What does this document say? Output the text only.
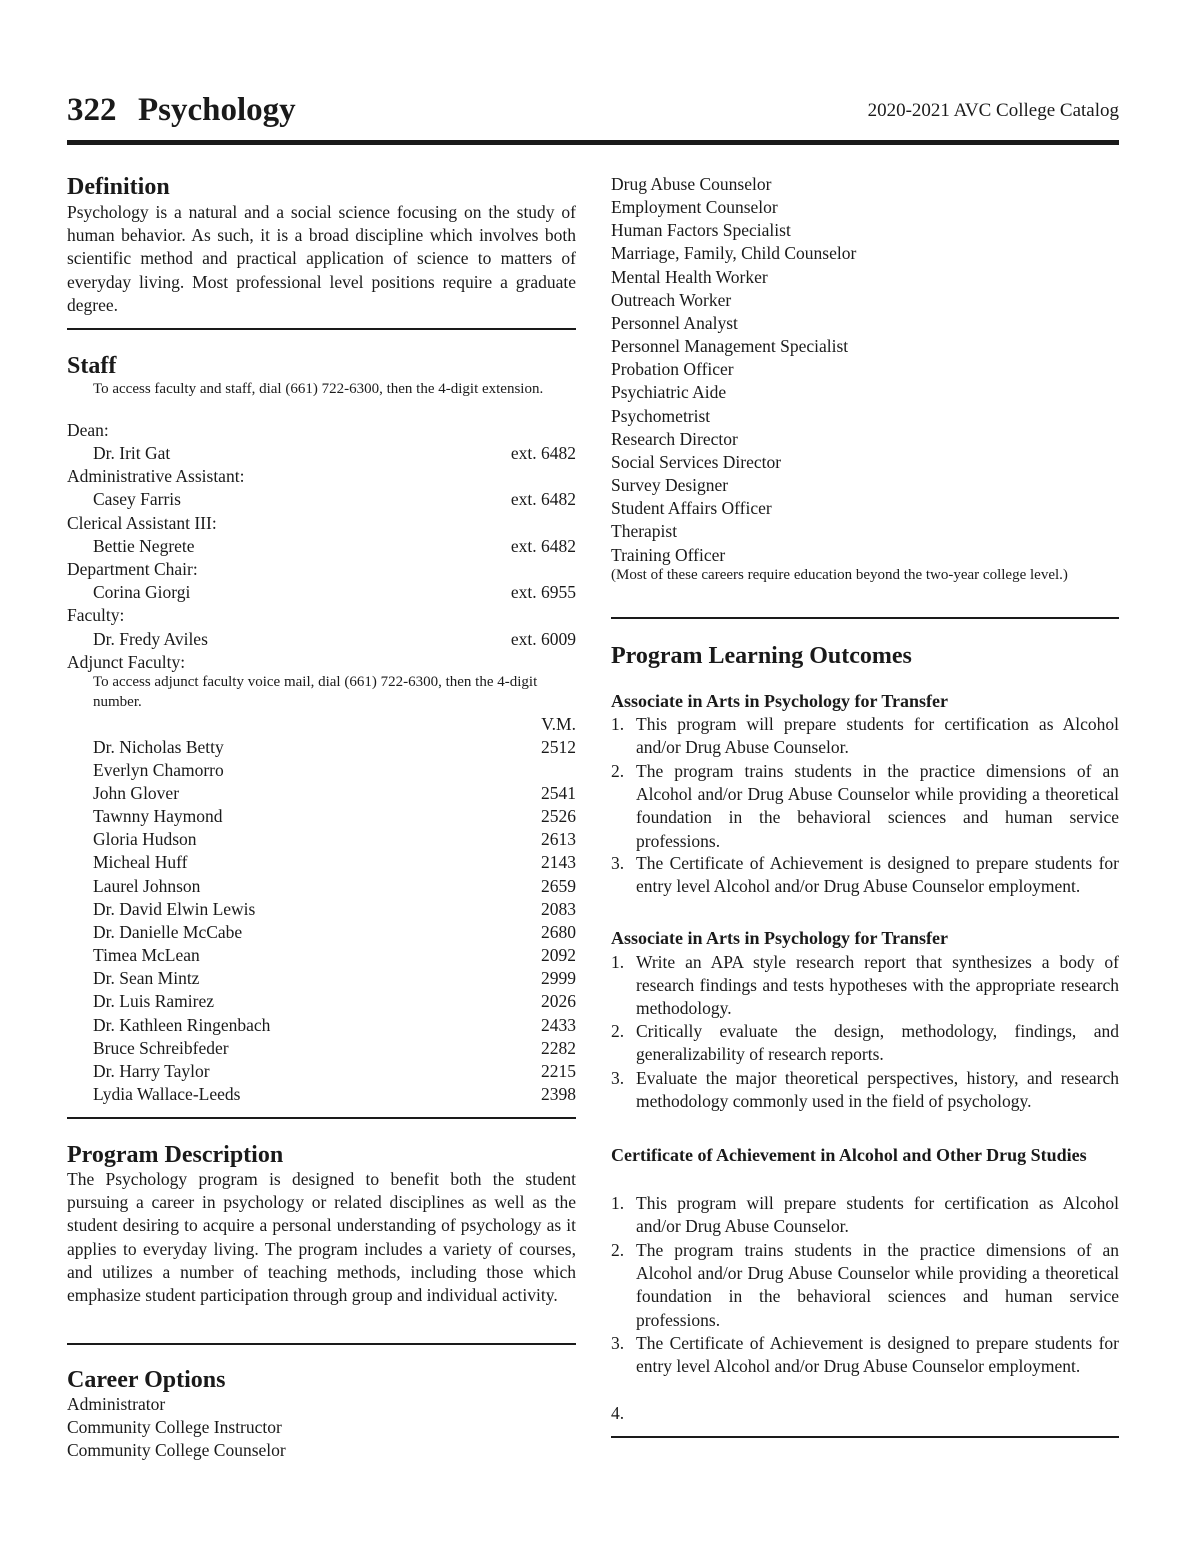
322 Psychology	2020-2021 AVC College Catalog
Definition
Psychology is a natural and a social science focusing on the study of human behavior. As such, it is a broad discipline which involves both scientific method and practical application of science to matters of everyday living. Most professional level positions require a graduate degree.
Staff
To access faculty and staff, dial (661) 722-6300, then the 4-digit extension.
Dean:
Dr. Irit Gat	ext. 6482
Administrative Assistant:
Casey Farris	ext. 6482
Clerical Assistant III:
Bettie Negrete	ext. 6482
Department Chair:
Corina Giorgi	ext. 6955
Faculty:
Dr. Fredy Aviles	ext. 6009
Adjunct Faculty:
To access adjunct faculty voice mail, dial (661) 722-6300, then the 4-digit number.
V.M.
Dr. Nicholas Betty	2512
Everlyn Chamorro
John Glover	2541
Tawnny Haymond	2526
Gloria Hudson	2613
Micheal Huff	2143
Laurel Johnson	2659
Dr. David Elwin Lewis	2083
Dr. Danielle McCabe	2680
Timea McLean	2092
Dr. Sean Mintz	2999
Dr. Luis Ramirez	2026
Dr. Kathleen Ringenbach	2433
Bruce Schreibfeder	2282
Dr. Harry Taylor	2215
Lydia Wallace-Leeds	2398
Program Description
The Psychology program is designed to benefit both the student pursuing a career in psychology or related disciplines as well as the student desiring to acquire a personal understanding of psychology as it applies to everyday living. The program includes a variety of courses, and utilizes a number of teaching methods, including those which emphasize student participation through group and individual activity.
Career Options
Administrator
Community College Instructor
Community College Counselor
Drug Abuse Counselor
Employment Counselor
Human Factors Specialist
Marriage, Family, Child Counselor
Mental Health Worker
Outreach Worker
Personnel Analyst
Personnel Management Specialist
Probation Officer
Psychiatric Aide
Psychometrist
Research Director
Social Services Director
Survey Designer
Student Affairs Officer
Therapist
Training Officer
(Most of these careers require education beyond the two-year college level.)
Program Learning Outcomes
Associate in Arts in Psychology for Transfer
1. This program will prepare students for certification as Alcohol and/or Drug Abuse Counselor.
2. The program trains students in the practice dimensions of an Alcohol and/or Drug Abuse Counselor while providing a theoretical foundation in the behavioral sciences and human service professions.
3. The Certificate of Achievement is designed to prepare students for entry level Alcohol and/or Drug Abuse Counselor employment.
Associate in Arts in Psychology for Transfer
1. Write an APA style research report that synthesizes a body of research findings and tests hypotheses with the appropriate research methodology.
2. Critically evaluate the design, methodology, findings, and generalizability of research reports.
3. Evaluate the major theoretical perspectives, history, and research methodology commonly used in the field of psychology.
Certificate of Achievement in Alcohol and Other Drug Studies
1. This program will prepare students for certification as Alcohol and/or Drug Abuse Counselor.
2. The program trains students in the practice dimensions of an Alcohol and/or Drug Abuse Counselor while providing a theoretical foundation in the behavioral sciences and human service professions.
3. The Certificate of Achievement is designed to prepare students for entry level Alcohol and/or Drug Abuse Counselor employment.
4.
